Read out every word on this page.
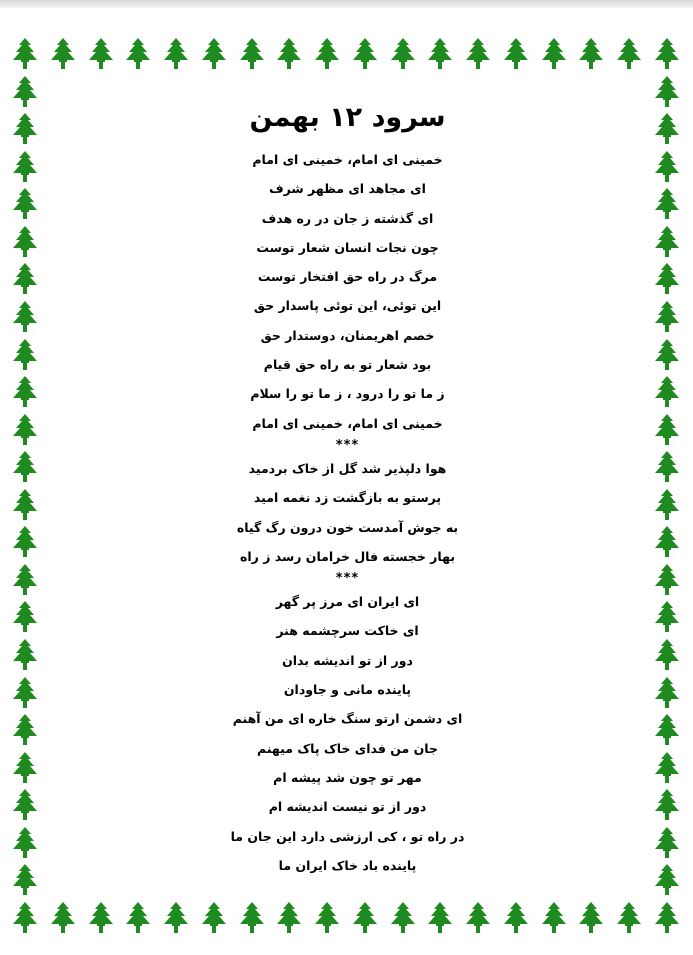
سرود ۱۲ بهمن
خمینی ای امام، خمینی ای امام
ای مجاهد ای مظهر شرف
ای گذشته ز جان در ره هدف
چون نجات انسان شعار توست
مرگ در راه حق افتخار توست
این توئی، این توئی پاسدار حق
خصم اهریمنان، دوستدار حق
بود شعار تو به راه حق قیام
ز ما تو را درود ، ز ما تو را سلام
خمینی ای امام، خمینی ای امام
***
هوا دلپذیر شد گل از خاک بردمید
پرستو به بازگشت زد نغمه امید
به جوش آمدست خون درون رگ گیاه
بهار خجسته فال خرامان رسد ز راه
***
ای ایران ای مرز پر گهر
ای خاکت سرچشمه هنر
دور از تو اندیشه بدان
پاینده مانی و جاودان
ای دشمن ارتو سنگ خاره ای من آهنم
جان من فدای خاک پاک میهنم
مهر تو چون شد پیشه ام
دور از تو نیست اندیشه ام
در راه تو ، کی ارزشی دارد این جان ما
پاینده باد خاک ایران ما
